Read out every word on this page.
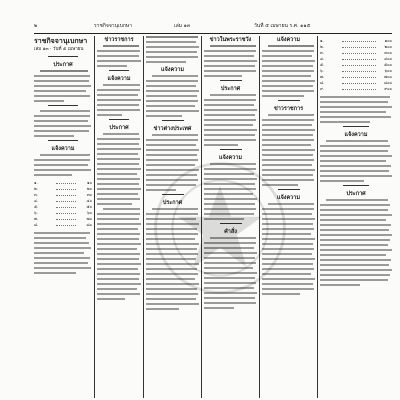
๒	ราชกิจจานุเบกษา	เล่ม ๑๓	วันที่ ๕ เมษายน ร.ศ. ๑๑๕
ราชกิจจานุเบกษา
เล่ม ๑๓ · วันที่ ๕ เมษายน
ประกาศ
แจ้งความ
๑.	๑๐
๒.	๒๐
๓.	๓๐
๔.	๔๐
๕.	๕๐
๖.	๖๐
๗.	๗๐
๘.	๘๐
ข่าวราชการ
แจ้งความ
ประกาศ
แจ้งความ
ข่าวต่างประเทศ
ประกาศ
ข่าวในพระราชวัง
ประกาศ
แจ้งความ
คำสั่ง
แจ้งความ
ข่าวราชการ
แจ้งความ
๑.	๑๐๐
๒.	๒๐๐
๓.	๓๐๐
๔.	๔๐๐
๕.	๕๐๐
๖.	๖๐๐
๗.	๗๐๐
๘.	๘๐๐
๙.	๙๐๐
แจ้งความ
ประกาศ
